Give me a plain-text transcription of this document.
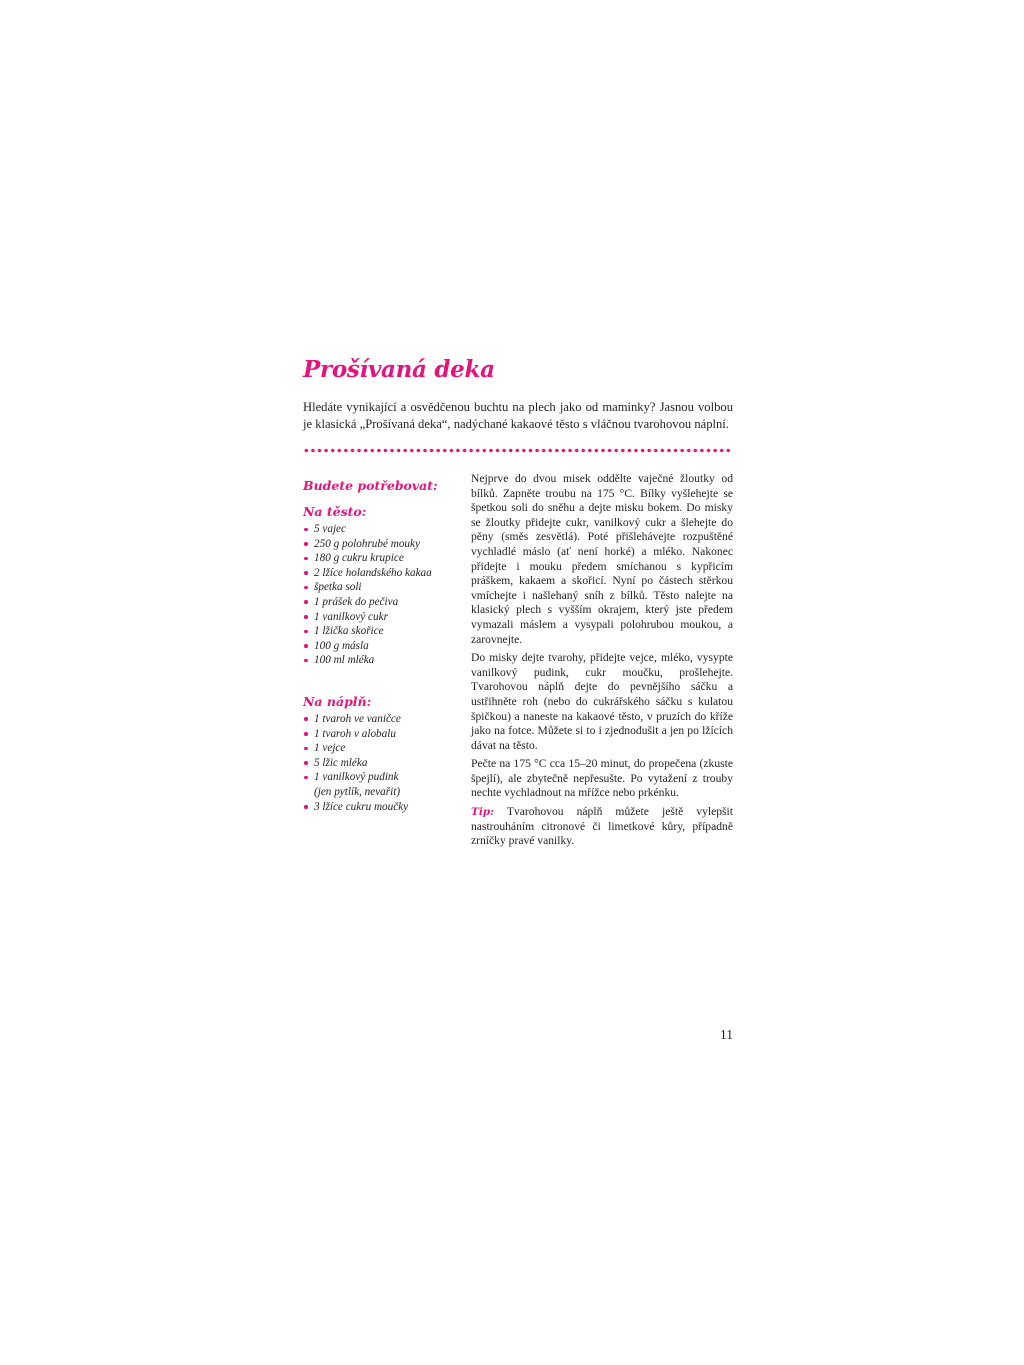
Prošívaná deka

Hledáte vynikající a osvědčenou buchtu na plech jako od maminky? Jasnou volbou je klasická „Prošívaná deka“, nadýchané kakaové těsto s vláčnou tvarohovou náplní.

Budete potřebovat:
Na těsto:
5 vajec
250 g polohrubé mouky
180 g cukru krupice
2 lžíce holandského kakaa
špetka soli
1 prášek do pečiva
1 vanilkový cukr
1 lžička skořice
100 g másla
100 ml mléka
Na náplň:
1 tvaroh ve vaničce
1 tvaroh v alobalu
1 vejce
5 lžic mléka
1 vanilkový pudink
(jen pytlík, nevařit)
3 lžíce cukru moučky

Nejprve do dvou misek oddělte vaječné žloutky od bílků. Zapněte troubu na 175 °C. Bílky vyšlehejte se špetkou soli do sněhu a dejte misku bokem. Do misky se žloutky přidejte cukr, vanilkový cukr a šlehejte do pěny (směs zesvětlá). Poté přišlehávejte rozpuštěné vychladlé máslo (ať není horké) a mléko. Nakonec přidejte i mouku předem smíchanou s kypřicím práškem, kakaem a skořicí. Nyní po částech stěrkou vmíchejte i našlehaný sníh z bílků. Těsto nalejte na klasický plech s vyšším okrajem, který jste předem vymazali máslem a vysypali polohrubou moukou, a zarovnejte.

Do misky dejte tvarohy, přidejte vejce, mléko, vysypte vanilkový pudink, cukr moučku, prošlehejte. Tvarohovou náplň dejte do pevnějšího sáčku a ustřihněte roh (nebo do cukrářského sáčku s kulatou špičkou) a naneste na kakaové těsto, v pruzích do kříže jako na fotce. Můžete si to i zjednodušit a jen po lžících dávat na těsto.

Pečte na 175 °C cca 15–20 minut, do propečena (zkuste špejlí), ale zbytečně nepřesušte. Po vytažení z trouby nechte vychladnout na mřížce nebo prkénku.

Tip: Tvarohovou náplň můžete ještě vylepšit nastrouháním citronové či limetkové kůry, případně zrníčky pravé vanilky.

11
